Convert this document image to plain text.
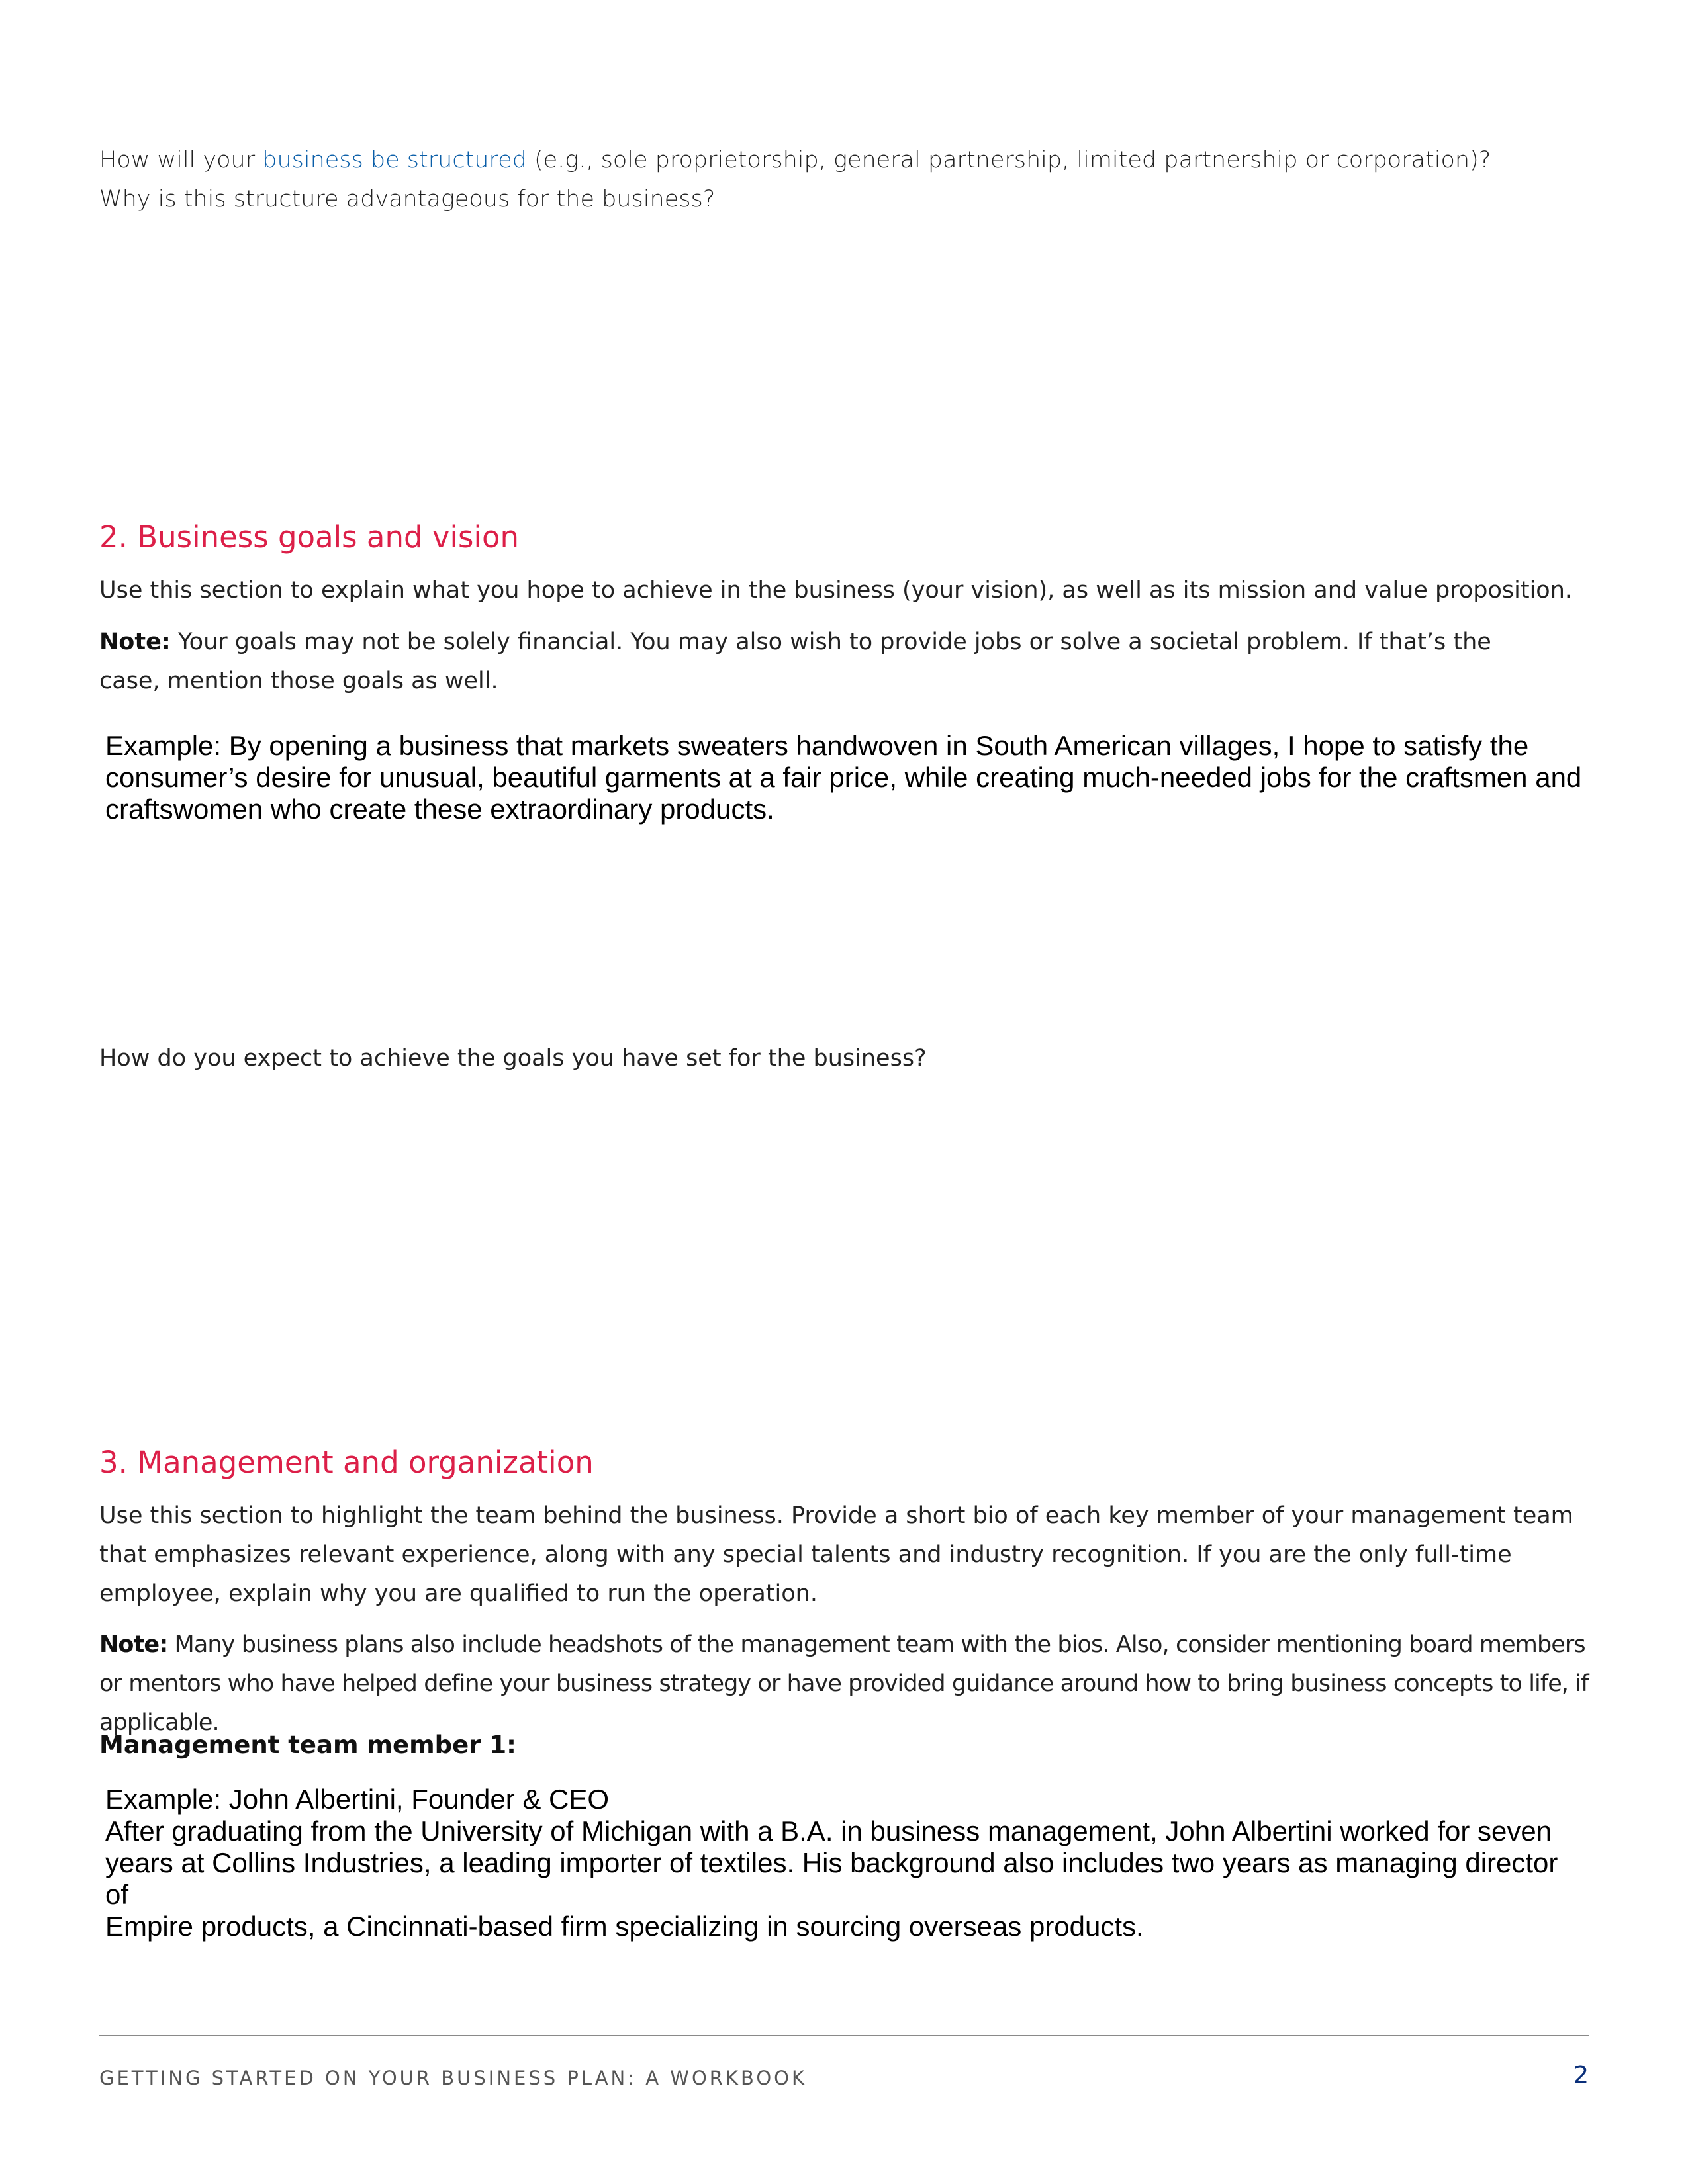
How will your business be structured (e.g., sole proprietorship, general partnership, limited partnership or corporation)?
Why is this structure advantageous for the business?

2. Business goals and vision

Use this section to explain what you hope to achieve in the business (your vision), as well as its mission and value proposition.

Note: Your goals may not be solely financial. You may also wish to provide jobs or solve a societal problem. If that’s the case, mention those goals as well.

Example: By opening a business that markets sweaters handwoven in South American villages, I hope to satisfy the
consumer’s desire for unusual, beautiful garments at a fair price, while creating much-needed jobs for the craftsmen and
craftswomen who create these extraordinary products.

How do you expect to achieve the goals you have set for the business?

3. Management and organization

Use this section to highlight the team behind the business. Provide a short bio of each key member of your management team that emphasizes relevant experience, along with any special talents and industry recognition. If you are the only full-time employee, explain why you are qualified to run the operation.

Note: Many business plans also include headshots of the management team with the bios. Also, consider mentioning board members or mentors who have helped define your business strategy or have provided guidance around how to bring business concepts to life, if applicable.

Management team member 1:
Example: John Albertini, Founder & CEO
After graduating from the University of Michigan with a B.A. in business management, John Albertini worked for seven
years at Collins Industries, a leading importer of textiles. His background also includes two years as managing director of
Empire products, a Cincinnati-based firm specializing in sourcing overseas products.
GETTING STARTED ON YOUR BUSINESS PLAN: A WORKBOOK	2
